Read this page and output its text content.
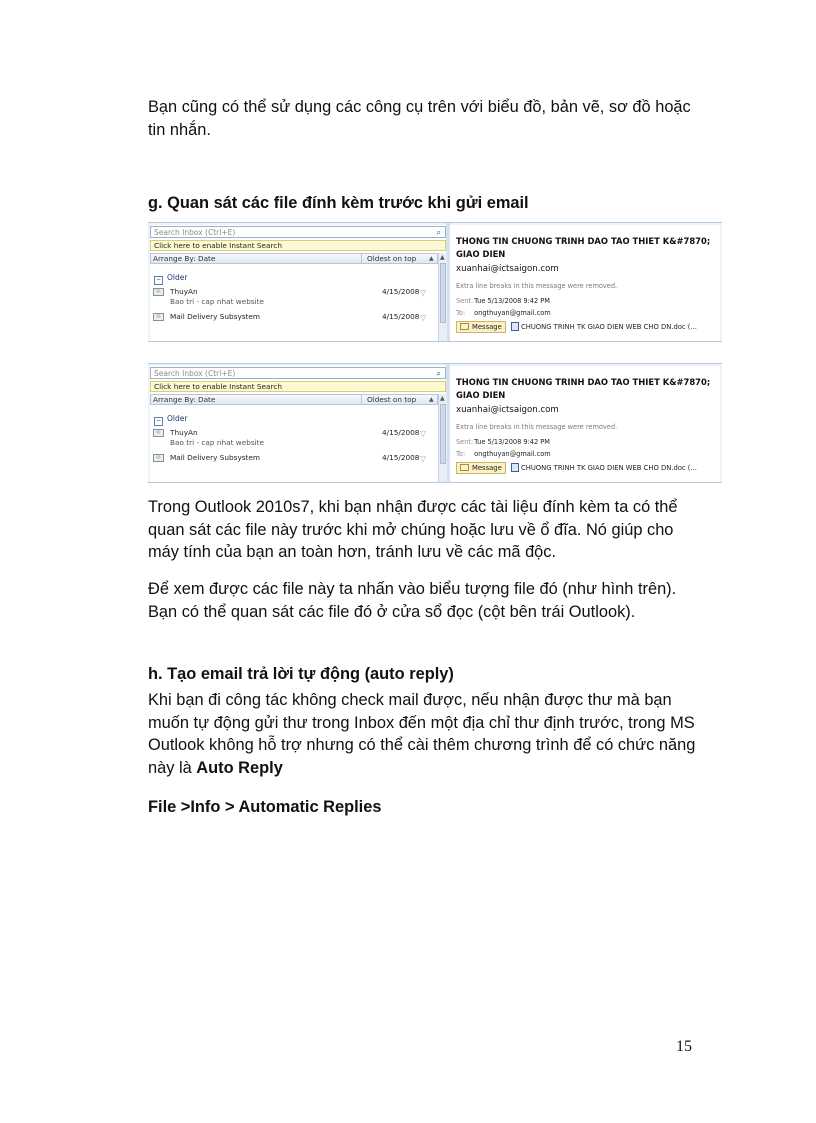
Bạn cũng có thể sử dụng các công cụ trên với biểu đồ, bản vẽ, sơ đồ hoặc tin nhắn.

g. Quan sát các file đính kèm trước khi gửi email

THONG TIN CHUONG TRINH DAO TAO THIET K&#7870; GIAO DIEN
xuanhai@ictsaigon.com
Extra line breaks in this message were removed.
Sent: Tue 5/13/2008 9:42 PM
To: ongthuyan@gmail.com
Message	CHUONG TRINH TK GIAO DIEN WEB CHO DN.doc (...
Search Inbox (Ctrl+E)	⌕
Click here to enable Instant Search
Arrange By: Date	Oldest on top ▲ ▲
− Older
✉	ThuyAn
Bao tri - cap nhat website
4/15/2008 ▽
✉	Mail Delivery Subsystem	4/15/2008 ▽
THONG TIN CHUONG TRINH DAO TAO THIET K&#7870; GIAO DIEN
xuanhai@ictsaigon.com
Extra line breaks in this message were removed.
Sent: Tue 5/13/2008 9:42 PM
To: ongthuyan@gmail.com
Message	CHUONG TRINH TK GIAO DIEN WEB CHO DN.doc (...
Search Inbox (Ctrl+E)	⌕
Click here to enable Instant Search
Arrange By: Date	Oldest on top ▲ ▲
− Older
✉	ThuyAn
Bao tri - cap nhat website
4/15/2008 ▽
✉	Mail Delivery Subsystem	4/15/2008 ▽

Trong Outlook 2010s7, khi bạn nhận được các tài liệu đính kèm ta có thể quan sát các file này trước khi mở chúng hoặc lưu về ổ đĩa. Nó giúp cho máy tính của bạn an toàn hơn, tránh lưu về các mã độc.

Để xem được các file này ta nhấn vào biểu tượng file đó (như hình trên). Bạn có thể quan sát các file đó ở cửa sổ đọc (cột bên trái Outlook).

h. Tạo email trả lời tự động (auto reply)

Khi bạn đi công tác không check mail được, nếu nhận được thư mà bạn muốn tự động gửi thư trong Inbox đến một địa chỉ thư định trước, trong MS Outlook không hỗ trợ nhưng có thể cài thêm chương trình để có chức năng này là Auto Reply

File >Info > Automatic Replies

15
